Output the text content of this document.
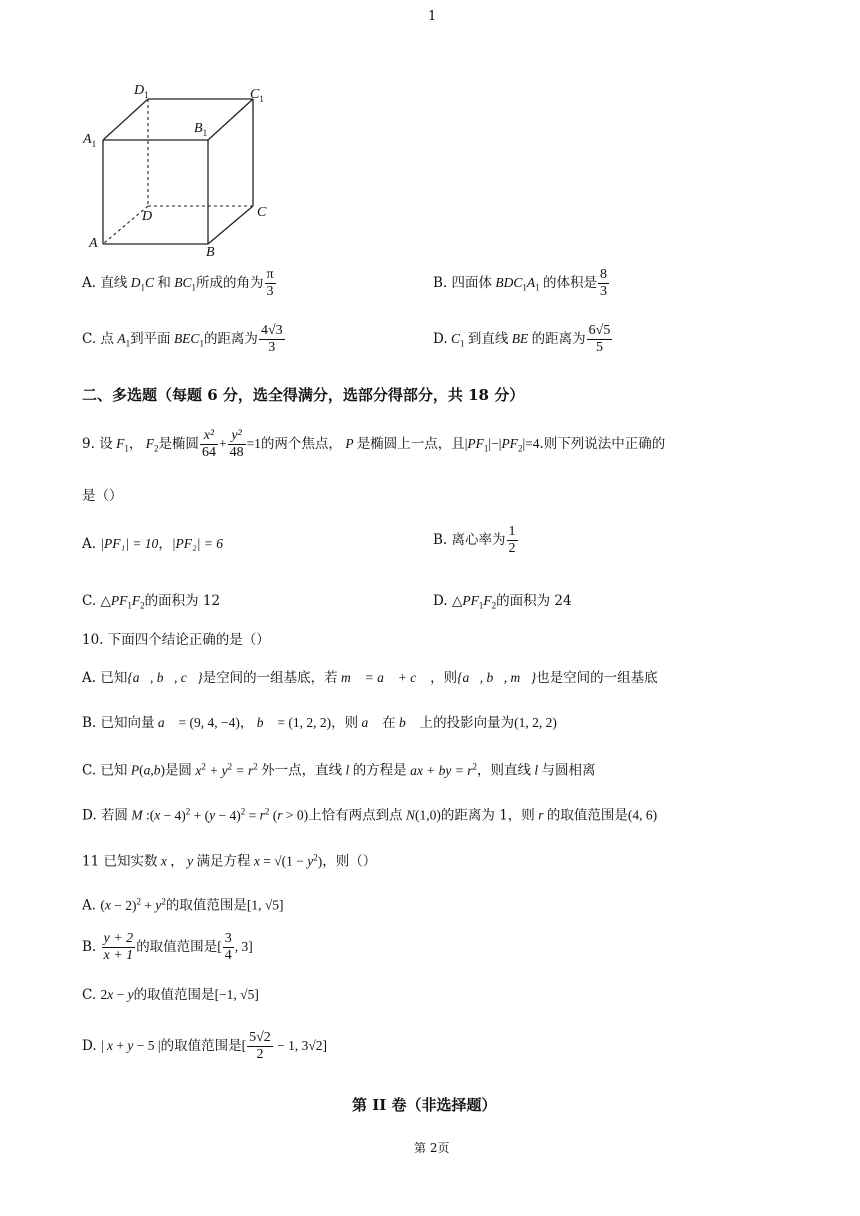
1
$D_1$	$C_1$
$A_1$
$B_1$
D	C
A
B
A. 直线 $D_1C$ 和 $BC_1$所成的角为 $\frac{\pi}{3}$	B. 四面体 $BDC_1A_1$ 的体积是 $\frac{8}{3}$
C. 点 $A_1$到平面 $BEC_1$的距离为 $\frac{4√3}{3}$	D. $C_1$ 到直线 BE 的距离为 $\frac{6√5}{5}$
二、多选题（每题 6 分，选全得满分，选部分得部分，共 18 分）
9. 设 $F_1$， $F_2$是椭圆 $\frac{\text{x²}}{64} + \frac{\text{y²}}{48} =1$的两个焦点， P 是椭圆上一点，且$|PF_1|-|PF_2|=4$.则下列说法中正确的
是（）
A. |PF₁| = 10，|PF₂| = 6	B. 离心率为 $\frac{1}{2}$
C. $\triangle PF_1F_2$的面积为 12	D. $\triangle PF_1F_2$的面积为 24
10. 下面四个结论正确的是（）
A. 已知{a⃗, b⃗, c⃗}是空间的一组基底，若 m⃗ = a⃗ + c⃗ ，则{a⃗, b⃗, m⃗}也是空间的一组基底
B. 已知向量 a⃗ = (9, 4, −4)， b⃗ = (1, 2, 2)，则 a⃗ 在 b⃗ 上的投影向量为(1, 2, 2)
C. 已知 P(a,b)是圆 $x^2 + y^2 = r^2$ 外一点，直线 l 的方程是 ax + by = $r^2$，则直线 l 与圆相离
D. 若圆 M :(x − $4)^2 + (y - 4)^2 = r^2$ (r > 0)上恰有两点到点 N(1,0)的距离为 1，则 r 的取值范围是(4, 6)
11 已知实数 x ， y 满足方程 $x = √(1 - y^2)$，则（）
A. $(x - 2)^2 + y^2$的取值范围是[1, √5]
B. $\frac{y + 2}{x + 1}$ 的取值范围是[ $\frac{3}{4}$ , 3]
C. 2x − y的取值范围是[−1, √5]
D. | x + y − 5 |的取值范围是[ $\frac{5√2}{2} - 1$, 3√2]
第 II 卷（非选择题）
第 2页
